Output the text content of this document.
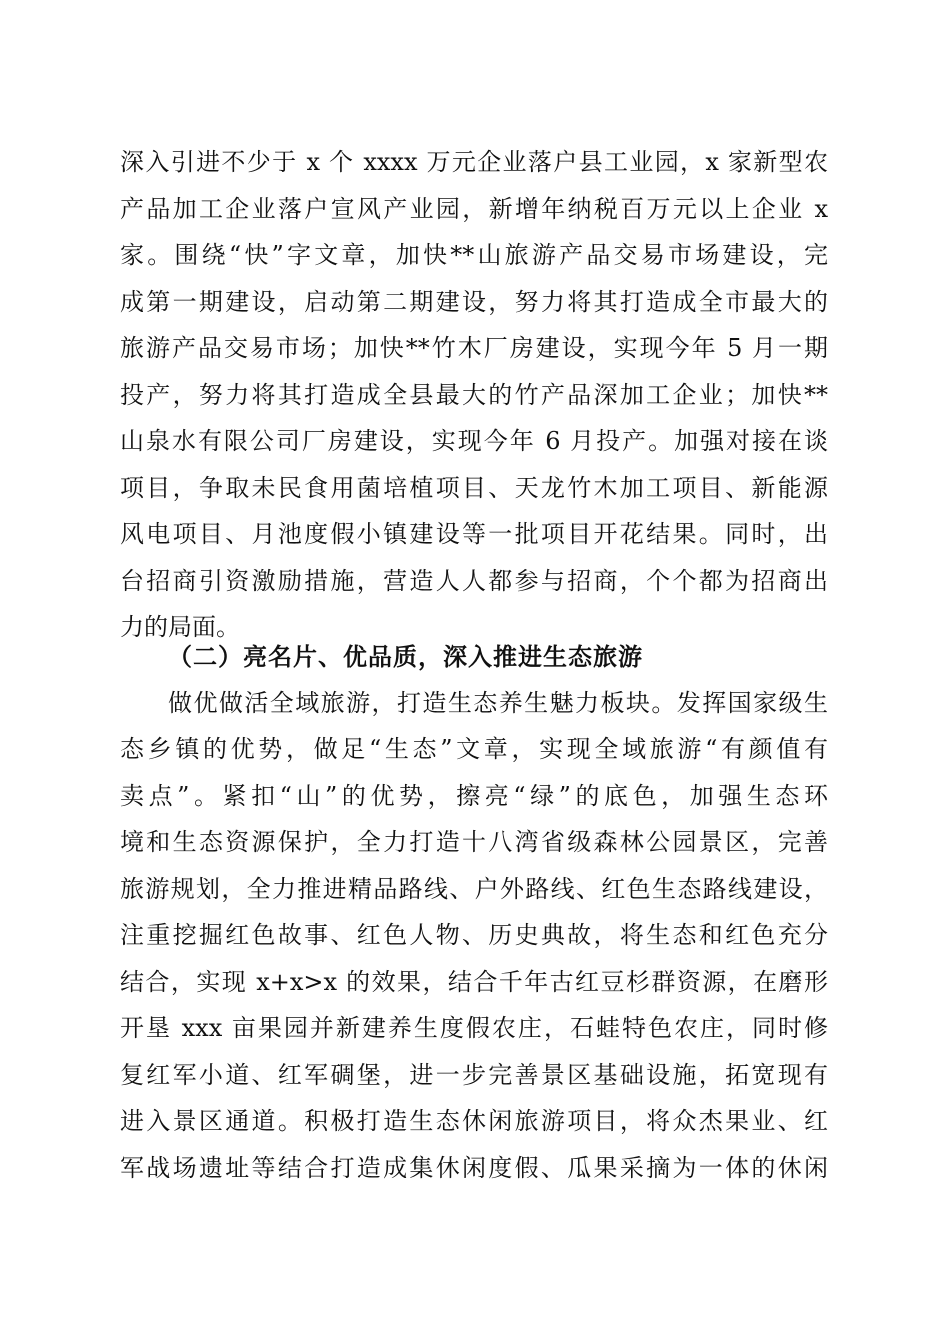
深入引进不少于 x 个 xxxx 万元企业落户县工业园，x 家新型农
产品加工企业落户宣风产业园，新增年纳税百万元以上企业 x
家。围绕“快”字文章，加快**山旅游产品交易市场建设，完
成第一期建设，启动第二期建设，努力将其打造成全市最大的
旅游产品交易市场；加快**竹木厂房建设，实现今年 5 月一期
投产，努力将其打造成全县最大的竹产品深加工企业；加快**
山泉水有限公司厂房建设，实现今年 6 月投产。加强对接在谈
项目，争取未民食用菌培植项目、天龙竹木加工项目、新能源
风电项目、月池度假小镇建设等一批项目开花结果。同时，出
台招商引资激励措施，营造人人都参与招商，个个都为招商出
力的局面。
（二）亮名片、优品质，深入推进生态旅游
做优做活全域旅游，打造生态养生魅力板块。发挥国家级生
态乡镇的优势，做足“生态”文章，实现全域旅游“有颜值有
卖点”。紧扣“山”的优势，擦亮“绿”的底色，加强生态环
境和生态资源保护，全力打造十八湾省级森林公园景区，完善
旅游规划，全力推进精品路线、户外路线、红色生态路线建设，
注重挖掘红色故事、红色人物、历史典故，将生态和红色充分
结合，实现 x+x>x 的效果，结合千年古红豆杉群资源，在磨形
开垦 xxx 亩果园并新建养生度假农庄，石蛙特色农庄，同时修
复红军小道、红军碉堡，进一步完善景区基础设施，拓宽现有
进入景区通道。积极打造生态休闲旅游项目，将众杰果业、红
军战场遗址等结合打造成集休闲度假、瓜果采摘为一体的休闲
